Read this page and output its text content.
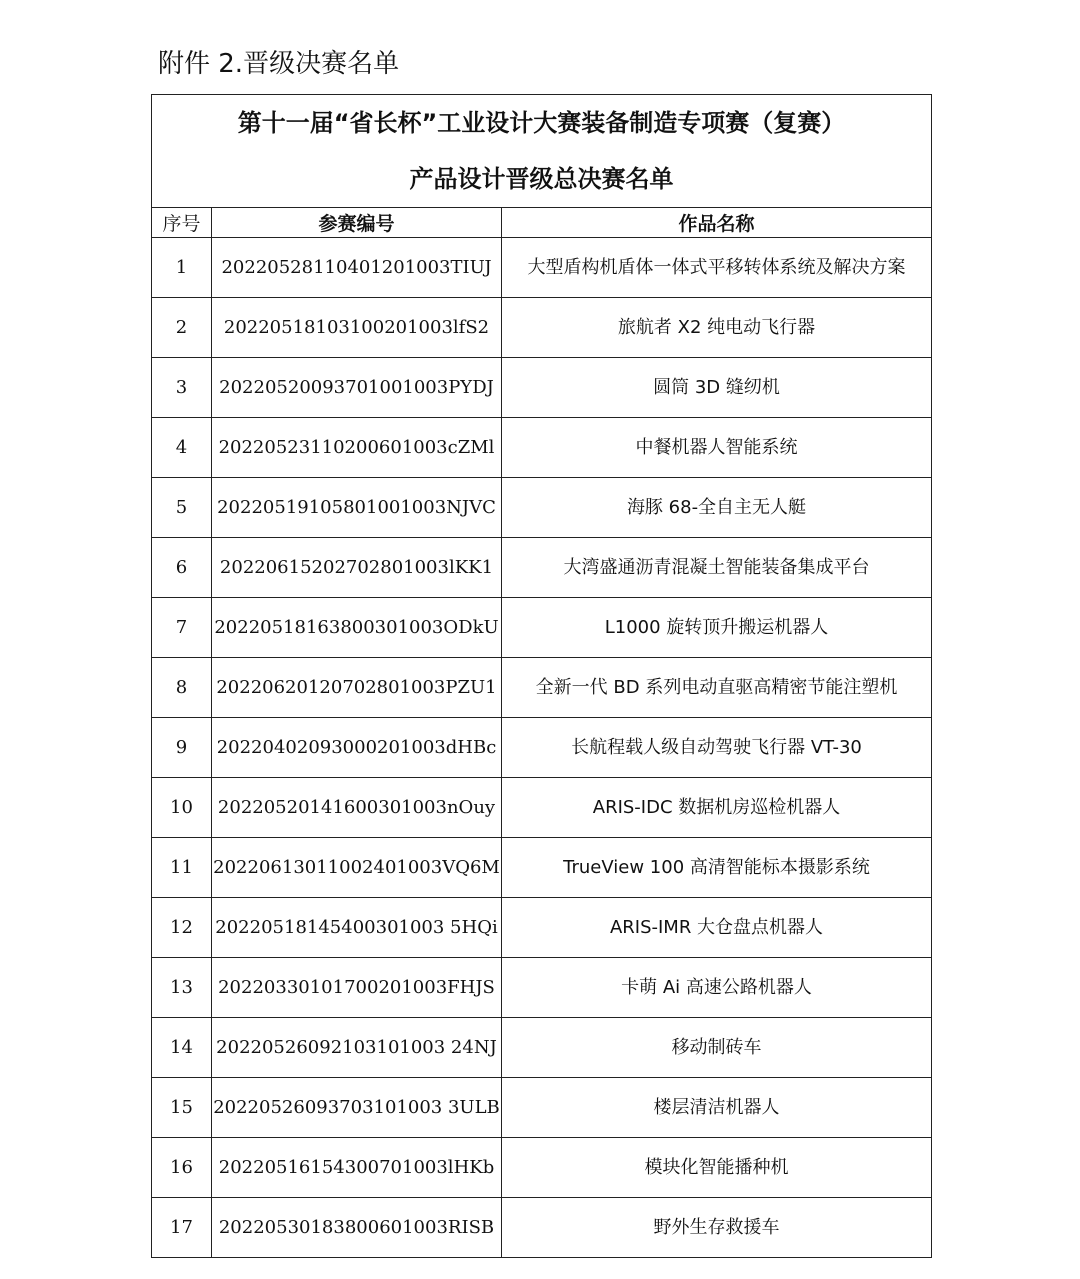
附件 2.晋级决赛名单
第十一届“省长杯”工业设计大赛装备制造专项赛（复赛）
产品设计晋级总决赛名单		

序号	参赛编号	作品名称
1	20220528110401201003TIUJ	大型盾构机盾体一体式平移转体系统及解决方案
2	20220518103100201003lfS2	旅航者 X2 纯电动飞行器
3	20220520093701001003PYDJ	圆筒 3D 缝纫机
4	20220523110200601003cZMl	中餐机器人智能系统
5	20220519105801001003NJVC	海豚 68-全自主无人艇
6	20220615202702801003lKK1	大湾盛通沥青混凝土智能装备集成平台
7	20220518163800301003ODkU	L1000 旋转顶升搬运机器人
8	20220620120702801003PZU1	全新一代 BD 系列电动直驱高精密节能注塑机
9	20220402093000201003dHBc	长航程载人级自动驾驶飞行器 VT-30
10	20220520141600301003nOuy	ARIS-IDC 数据机房巡检机器人
11	20220613011002401003VQ6M	TrueView 100 高清智能标本摄影系统
12	20220518145400301003 5HQi	ARIS-IMR 大仓盘点机器人
13	20220330101700201003FHJS	卡萌 Ai 高速公路机器人
14	20220526092103101003 24NJ	移动制砖车
15	20220526093703101003 3ULB	楼层清洁机器人
16	20220516154300701003lHKb	模块化智能播种机
17	20220530183800601003RISB	野外生存救援车
